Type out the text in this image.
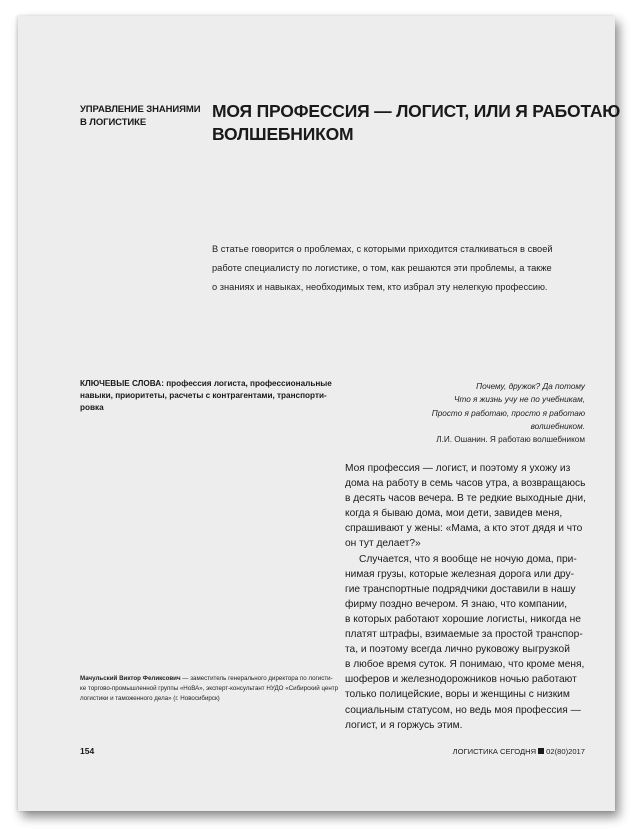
УПРАВЛЕНИЕ ЗНАНИЯМИ
В ЛОГИСТИКЕ
МОЯ ПРОФЕССИЯ — ЛОГИСТ, ИЛИ Я РАБОТАЮ
ВОЛШЕБНИКОМ
В статье говорится о проблемах, с которыми приходится сталкиваться в своей
работе специалисту по логистике, о том, как решаются эти проблемы, а также
о знаниях и навыках, необходимых тем, кто избрал эту нелегкую профессию.
КЛЮЧЕВЫЕ СЛОВА: профессия логиста, профессиональные
навыки, приоритеты, расчеты с контрагентами, транспорти-
ровка
Почему, дружок? Да потому
Что я жизнь учу не по учебникам,
Просто я работаю, просто я работаю
волшебником.
Л.И. Ошанин. Я работаю волшебником
Моя профессия — логист, и поэтому я ухожу из
дома на работу в семь часов утра, а возвращаюсь
в десять часов вечера. В те редкие выходные дни,
когда я бываю дома, мои дети, завидев меня,
спрашивают у жены: «Мама, а кто этот дядя и что
он тут делает?»
Случается, что я вообще не ночую дома, при-
нимая грузы, которые железная дорога или дру-
гие транспортные подрядчики доставили в нашу
фирму поздно вечером. Я знаю, что компании,
в которых работают хорошие логисты, никогда не
платят штрафы, взимаемые за простой транспор-
та, и поэтому всегда лично руковожу выгрузкой
в любое время суток. Я понимаю, что кроме меня,
шоферов и железнодорожников ночью работают
только полицейские, воры и женщины с низким
социальным статусом, но ведь моя профессия —
логист, и я горжусь этим.
Мачульский Виктор Феликсович — заместитель генерального директора по логисти-
ке торгово-промышленной группы «НоВА», эксперт-консультант НУДО «Сибирский центр
логистики и таможенного дела» (г. Новосибирск)
154	ЛОГИСТИКА СЕГОДНЯ 02(80)2017
